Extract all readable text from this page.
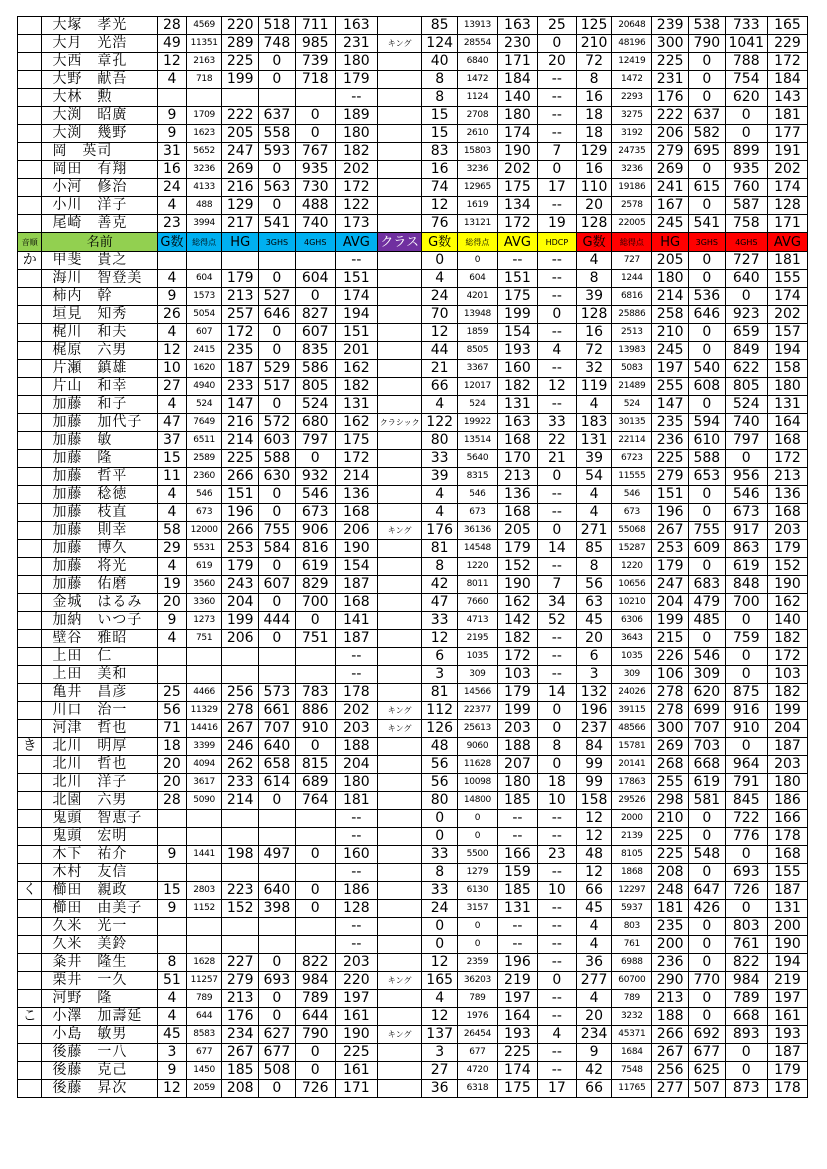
	大塚　孝光	28	4569	220	518	711	163		85	13913	163	25	125	20648	239	538	733	165
	大月　光浩	49	11351	289	748	985	231	キング	124	28554	230	0	210	48196	300	790	1041	229
	大西　章孔	12	2163	225	0	739	180		40	6840	171	20	72	12419	225	0	788	172
	大野　献吾	4	718	199	0	718	179		8	1472	184	--	8	1472	231	0	754	184
	大林　勲						--		8	1124	140	--	16	2293	176	0	620	143
	大渕　昭廣	9	1709	222	637	0	189		15	2708	180	--	18	3275	222	637	0	181
	大渕　幾野	9	1623	205	558	0	180		15	2610	174	--	18	3192	206	582	0	177
	岡　英司	31	5652	247	593	767	182		83	15803	190	7	129	24735	279	695	899	191
	岡田　有翔	16	3236	269	0	935	202		16	3236	202	0	16	3236	269	0	935	202
	小河　修治	24	4133	216	563	730	172		74	12965	175	17	110	19186	241	615	760	174
	小川　洋子	4	488	129	0	488	122		12	1619	134	--	20	2578	167	0	587	128
	尾崎　善克	23	3994	217	541	740	173		76	13121	172	19	128	22005	245	541	758	171
音順	名前	G数	総得点	HG	3GHS	4GHS	AVG	クラス	G数	総得点	AVG	HDCP	G数	総得点	HG	3GHS	4GHS	AVG
か	甲斐　貴之						--		0	0	--	--	4	727	205	0	727	181
	海川　智登美	4	604	179	0	604	151		4	604	151	--	8	1244	180	0	640	155
	柿内　幹	9	1573	213	527	0	174		24	4201	175	--	39	6816	214	536	0	174
	垣見　知秀	26	5054	257	646	827	194		70	13948	199	0	128	25886	258	646	923	202
	梶川　和夫	4	607	172	0	607	151		12	1859	154	--	16	2513	210	0	659	157
	梶原　六男	12	2415	235	0	835	201		44	8505	193	4	72	13983	245	0	849	194
	片瀬　鎮雄	10	1620	187	529	586	162		21	3367	160	--	32	5083	197	540	622	158
	片山　和幸	27	4940	233	517	805	182		66	12017	182	12	119	21489	255	608	805	180
	加藤　和子	4	524	147	0	524	131		4	524	131	--	4	524	147	0	524	131
	加藤　加代子	47	7649	216	572	680	162	クラシック	122	19922	163	33	183	30135	235	594	740	164
	加藤　敏	37	6511	214	603	797	175		80	13514	168	22	131	22114	236	610	797	168
	加藤　隆	15	2589	225	588	0	172		33	5640	170	21	39	6723	225	588	0	172
	加藤　哲平	11	2360	266	630	932	214		39	8315	213	0	54	11555	279	653	956	213
	加藤　稔徳	4	546	151	0	546	136		4	546	136	--	4	546	151	0	546	136
	加藤　枝直	4	673	196	0	673	168		4	673	168	--	4	673	196	0	673	168
	加藤　則幸	58	12000	266	755	906	206	キング	176	36136	205	0	271	55068	267	755	917	203
	加藤　博久	29	5531	253	584	816	190		81	14548	179	14	85	15287	253	609	863	179
	加藤　将光	4	619	179	0	619	154		8	1220	152	--	8	1220	179	0	619	152
	加藤　佑磨	19	3560	243	607	829	187		42	8011	190	7	56	10656	247	683	848	190
	金城　はるみ	20	3360	204	0	700	168		47	7660	162	34	63	10210	204	479	700	162
	加納　いつ子	9	1273	199	444	0	141		33	4713	142	52	45	6306	199	485	0	140
	壁谷　雅昭	4	751	206	0	751	187		12	2195	182	--	20	3643	215	0	759	182
	上田　仁						--		6	1035	172	--	6	1035	226	546	0	172
	上田　美和						--		3	309	103	--	3	309	106	309	0	103
	亀井　昌彦	25	4466	256	573	783	178		81	14566	179	14	132	24026	278	620	875	182
	川口　治一	56	11329	278	661	886	202	キング	112	22377	199	0	196	39115	278	699	916	199
	河津　哲也	71	14416	267	707	910	203	キング	126	25613	203	0	237	48566	300	707	910	204
き	北川　明厚	18	3399	246	640	0	188		48	9060	188	8	84	15781	269	703	0	187
	北川　哲也	20	4094	262	658	815	204		56	11628	207	0	99	20141	268	668	964	203
	北川　洋子	20	3617	233	614	689	180		56	10098	180	18	99	17863	255	619	791	180
	北園　六男	28	5090	214	0	764	181		80	14800	185	10	158	29526	298	581	845	186
	鬼頭　智恵子						--		0	0	--	--	12	2000	210	0	722	166
	鬼頭　宏明						--		0	0	--	--	12	2139	225	0	776	178
	木下　祐介	9	1441	198	497	0	160		33	5500	166	23	48	8105	225	548	0	168
	木村　友信						--		8	1279	159	--	12	1868	208	0	693	155
く	櫛田　親政	15	2803	223	640	0	186		33	6130	185	10	66	12297	248	647	726	187
	櫛田　由美子	9	1152	152	398	0	128		24	3157	131	--	45	5937	181	426	0	131
	久米　光一						--		0	0	--	--	4	803	235	0	803	200
	久米　美鈴						--		0	0	--	--	4	761	200	0	761	190
	粂井　隆生	8	1628	227	0	822	203		12	2359	196	--	36	6988	236	0	822	194
	栗井　一久	51	11257	279	693	984	220	キング	165	36203	219	0	277	60700	290	770	984	219
	河野　隆	4	789	213	0	789	197		4	789	197	--	4	789	213	0	789	197
こ	小澤　加壽延	4	644	176	0	644	161		12	1976	164	--	20	3232	188	0	668	161
	小島　敏男	45	8583	234	627	790	190	キング	137	26454	193	4	234	45371	266	692	893	193
	後藤　一八	3	677	267	677	0	225		3	677	225	--	9	1684	267	677	0	187
	後藤　克己	9	1450	185	508	0	161		27	4720	174	--	42	7548	256	625	0	179
	後藤　昇次	12	2059	208	0	726	171		36	6318	175	17	66	11765	277	507	873	178
